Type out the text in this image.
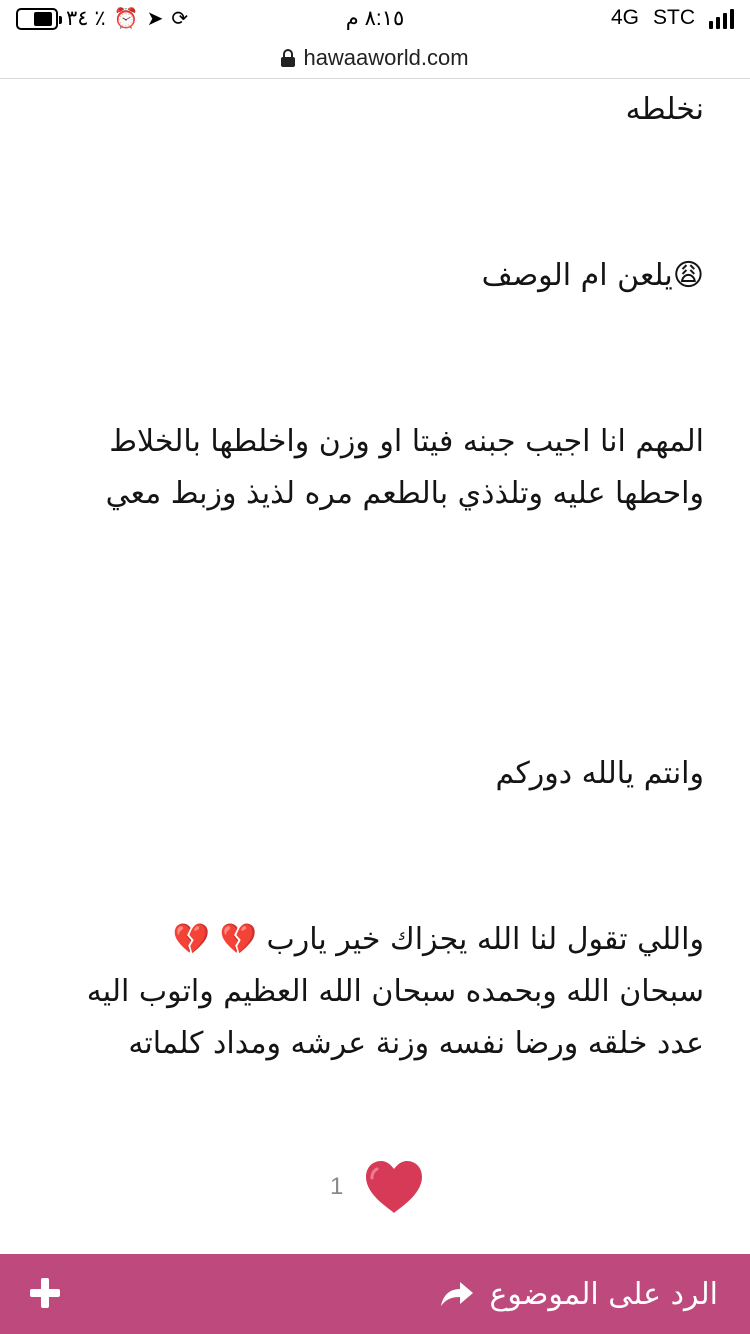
٣٤ ٪ ⏰ ➤ ⟳	٨:١٥ م	4G STC
hawaaworld.com

نخلطه

😩يلعن ام الوصف

المهم انا اجيب جبنه فيتا او وزن واخلطها بالخلاط

واحطها عليه وتلذذي بالطعم مره لذيذ وزبط معي

وانتم يالله دوركم

واللي تقول لنا الله يجزاك خير يارب 💔 💔

سبحان الله وبحمده سبحان الله العظيم واتوب اليه

عدد خلقه ورضا نفسه وزنة عرشه ومداد كلماته

1
الرد على الموضوع
